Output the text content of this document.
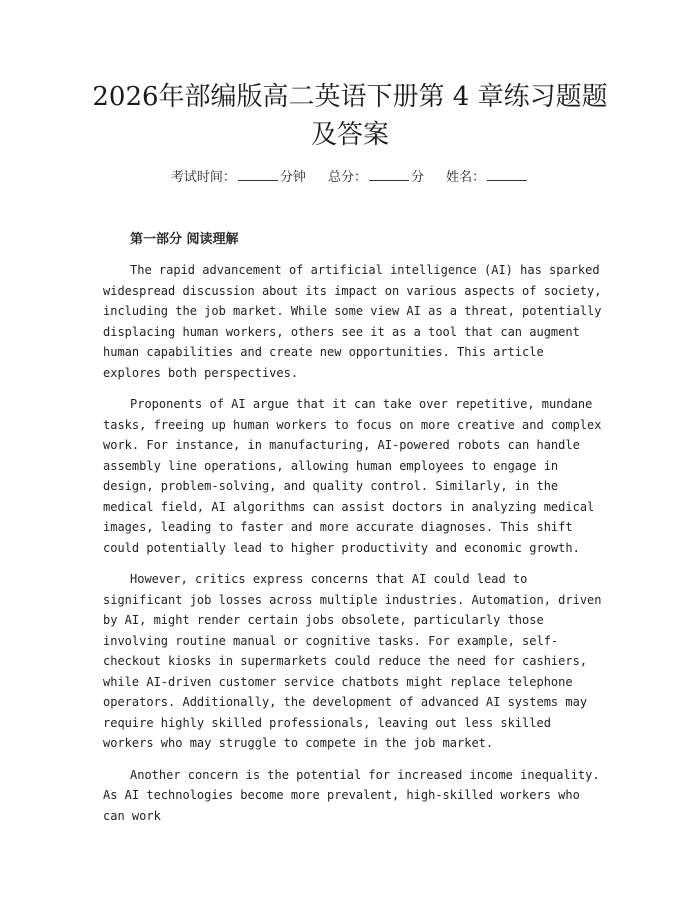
2026年部编版高二英语下册第 4 章练习题题
及答案
考试时间：	分钟 总分：	分 姓名：
第一部分 阅读理解

The rapid advancement of artificial intelligence (AI) has sparked widespread discussion about its impact on various aspects of society, including the job market. While some view AI as a threat, potentially displacing human workers, others see it as a tool that can augment human capabilities and create new opportunities. This article explores both perspectives.

Proponents of AI argue that it can take over repetitive, mundane tasks, freeing up human workers to focus on more creative and complex work. For instance, in manufacturing, AI-powered robots can handle assembly line operations, allowing human employees to engage in design, problem-solving, and quality control. Similarly, in the medical field, AI algorithms can assist doctors in analyzing medical images, leading to faster and more accurate diagnoses. This shift could potentially lead to higher productivity and economic growth.

However, critics express concerns that AI could lead to significant job losses across multiple industries. Automation, driven by AI, might render certain jobs obsolete, particularly those involving routine manual or cognitive tasks. For example, self-checkout kiosks in supermarkets could reduce the need for cashiers, while AI-driven customer service chatbots might replace telephone operators. Additionally, the development of advanced AI systems may require highly skilled professionals, leaving out less skilled workers who may struggle to compete in the job market.

Another concern is the potential for increased income inequality. As AI technologies become more prevalent, high-skilled workers who can work
